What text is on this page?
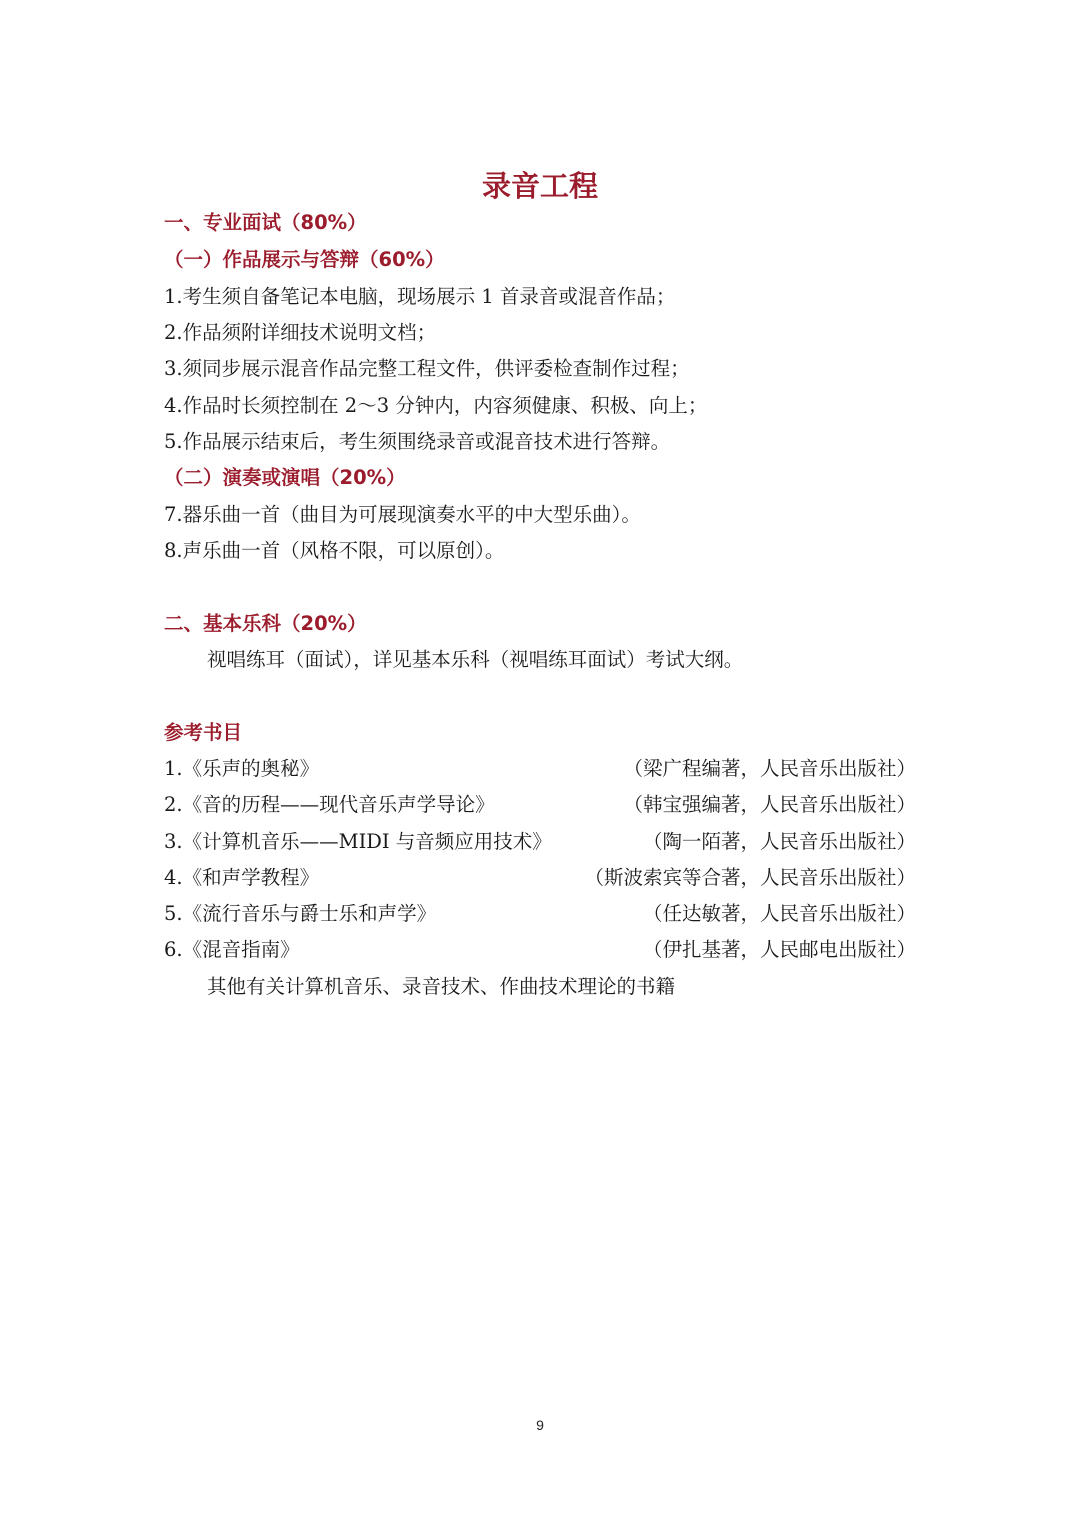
录音工程
一、专业面试（80%）
（一）作品展示与答辩（60%）
1.考生须自备笔记本电脑，现场展示 1 首录音或混音作品；
2.作品须附详细技术说明文档；
3.须同步展示混音作品完整工程文件，供评委检查制作过程；
4.作品时长须控制在 2～3 分钟内，内容须健康、积极、向上；
5.作品展示结束后，考生须围绕录音或混音技术进行答辩。
（二）演奏或演唱（20%）
7.器乐曲一首（曲目为可展现演奏水平的中大型乐曲）。
8.声乐曲一首（风格不限，可以原创）。
二、基本乐科（20%）
视唱练耳（面试），详见基本乐科（视唱练耳面试）考试大纲。
参考书目
1.《乐声的奥秘》	（梁广程编著，人民音乐出版社）
2.《音的历程——现代音乐声学导论》	（韩宝强编著，人民音乐出版社）
3.《计算机音乐——MIDI 与音频应用技术》	（陶一陌著，人民音乐出版社）
4.《和声学教程》	（斯波索宾等合著，人民音乐出版社）
5.《流行音乐与爵士乐和声学》	（任达敏著，人民音乐出版社）
6.《混音指南》	（伊扎基著，人民邮电出版社）
其他有关计算机音乐、录音技术、作曲技术理论的书籍
9
